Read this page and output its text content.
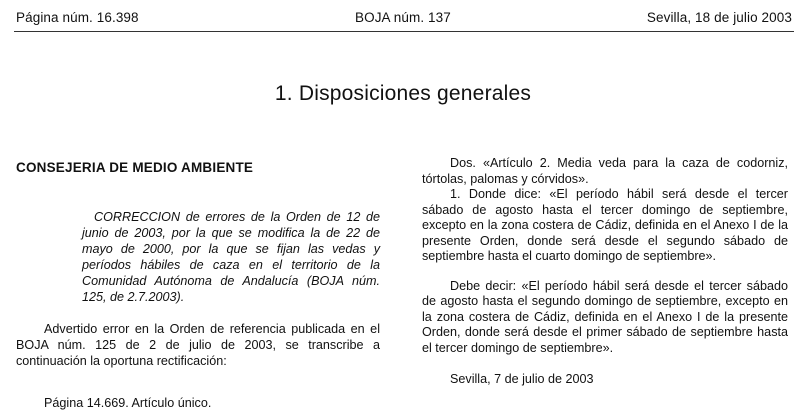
Página núm. 16.398	BOJA núm. 137	Sevilla, 18 de julio 2003
1. Disposiciones generales

CONSEJERIA DE MEDIO AMBIENTE

CORRECCION de errores de la Orden de 12 de junio de 2003, por la que se modifica la de 22 de mayo de 2000, por la que se fijan las vedas y períodos hábiles de caza en el territorio de la Comunidad Autónoma de Andalucía (BOJA núm. 125, de 2.7.2003).

Advertido error en la Orden de referencia publicada en el BOJA núm. 125 de 2 de julio de 2003, se transcribe a continuación la oportuna rectificación:

Página 14.669. Artículo único.

Dos. «Artículo 2. Media veda para la caza de codorniz, tórtolas, palomas y córvidos».

1. Donde dice: «El período hábil será desde el tercer sábado de agosto hasta el tercer domingo de septiembre, excepto en la zona costera de Cádiz, definida en el Anexo I de la presente Orden, donde será desde el segundo sábado de septiembre hasta el cuarto domingo de septiembre».

Debe decir: «El período hábil será desde el tercer sábado de agosto hasta el segundo domingo de septiembre, excepto en la zona costera de Cádiz, definida en el Anexo I de la presente Orden, donde será desde el primer sábado de septiembre hasta el tercer domingo de septiembre».

Sevilla, 7 de julio de 2003
